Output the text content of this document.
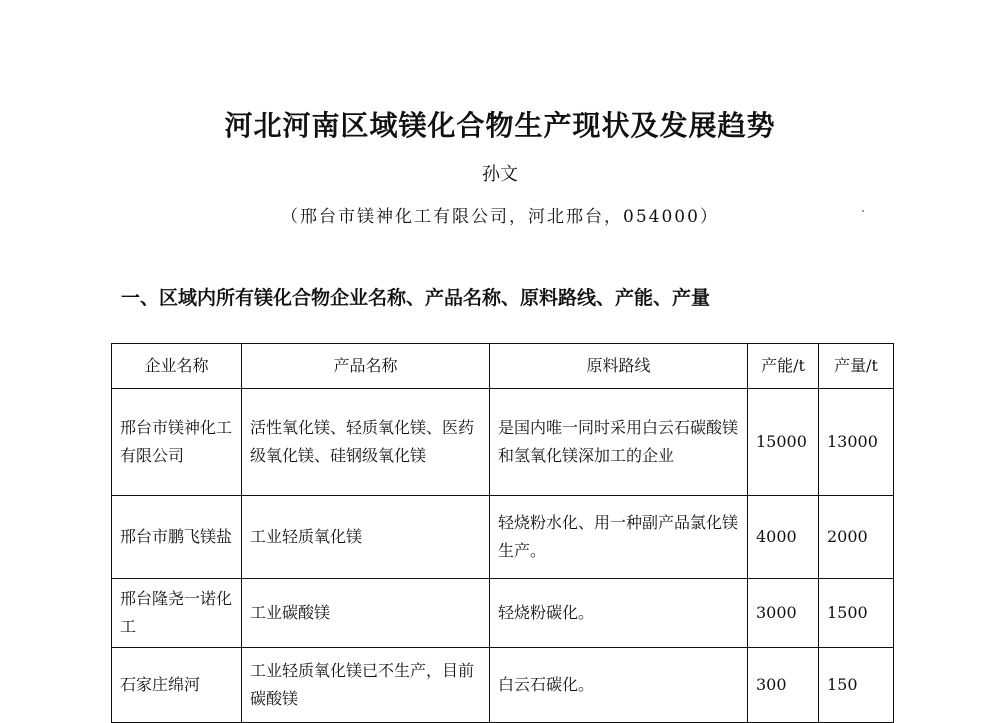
河北河南区域镁化合物生产现状及发展趋势
孙文
（邢台市镁神化工有限公司，河北邢台，054000）
一、区域内所有镁化合物企业名称、产品名称、原料路线、产能、产量
企业名称	产品名称	原料路线	产能/t	产量/t
邢台市镁神化工有限公司	活性氧化镁、轻质氧化镁、医药级氧化镁、硅钢级氧化镁	是国内唯一同时采用白云石碳酸镁和氢氧化镁深加工的企业	15000	13000
邢台市鹏飞镁盐	工业轻质氧化镁	轻烧粉水化、用一种副产品氯化镁生产。	4000	2000
邢台隆尧一诺化工	工业碳酸镁	轻烧粉碳化。	3000	1500
石家庄绵河	工业轻质氧化镁已不生产，目前碳酸镁	白云石碳化。	300	150
